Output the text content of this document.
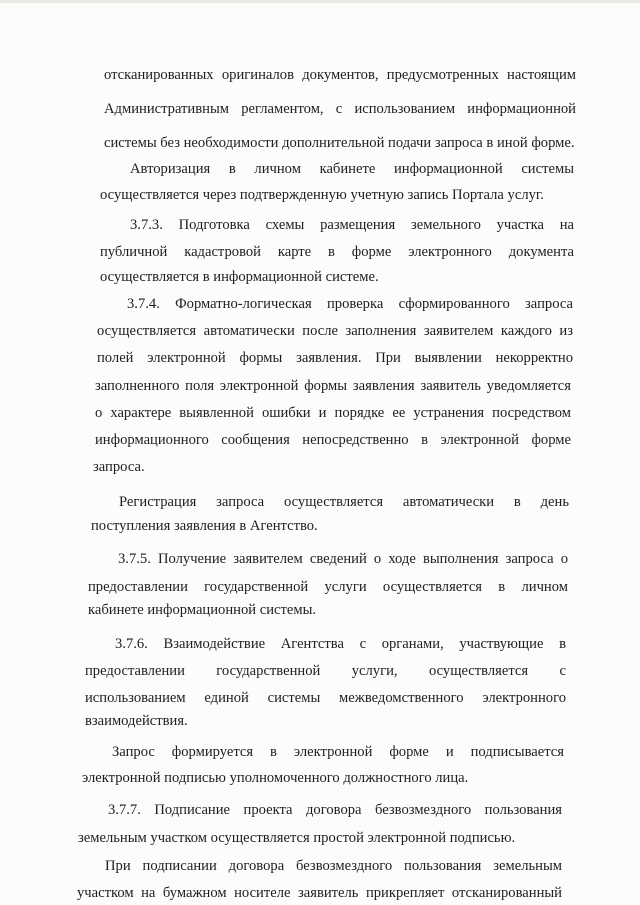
отсканированных оригиналов документов, предусмотренных настоящим
Административным регламентом, с использованием информационной
системы без необходимости дополнительной подачи запроса в иной форме.
Авторизация в личном кабинете информационной системы
осуществляется через подтвержденную учетную запись Портала услуг.
3.7.3. Подготовка схемы размещения земельного участка на
публичной кадастровой карте в форме электронного документа
осуществляется в информационной системе.
3.7.4. Форматно-логическая проверка сформированного запроса
осуществляется автоматически после заполнения заявителем каждого из
полей электронной формы заявления. При выявлении некорректно
заполненного поля электронной формы заявления заявитель уведомляется
о характере выявленной ошибки и порядке ее устранения посредством
информационного сообщения непосредственно в электронной форме
запроса.
Регистрация запроса осуществляется автоматически в день
поступления заявления в Агентство.
3.7.5. Получение заявителем сведений о ходе выполнения запроса о
предоставлении государственной услуги осуществляется в личном
кабинете информационной системы.
3.7.6. Взаимодействие Агентства с органами, участвующие в
предоставлении государственной услуги, осуществляется с
использованием единой системы межведомственного электронного
взаимодействия.
Запрос формируется в электронной форме и подписывается
электронной подписью уполномоченного должностного лица.
3.7.7. Подписание проекта договора безвозмездного пользования
земельным участком осуществляется простой электронной подписью.
При подписании договора безвозмездного пользования земельным
участком на бумажном носителе заявитель прикрепляет отсканированный
